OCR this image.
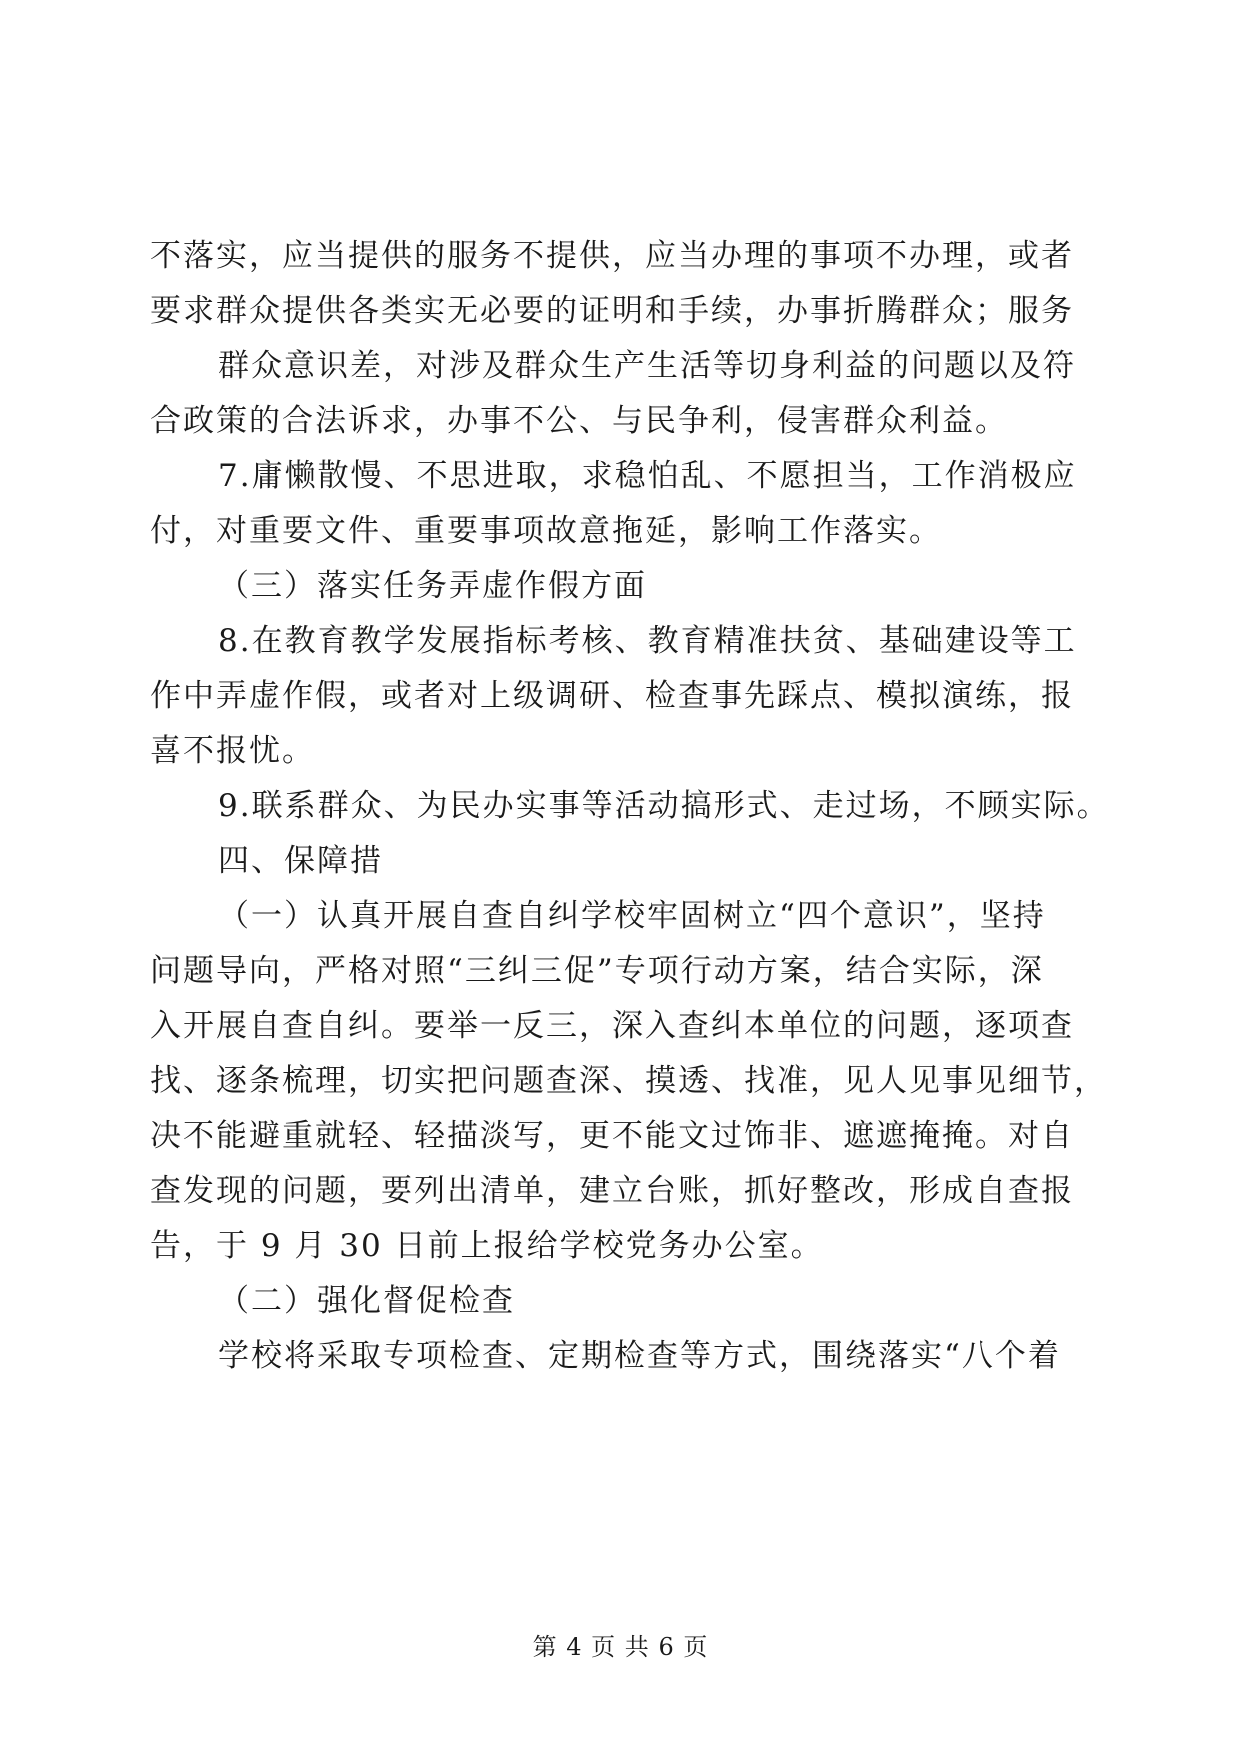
不落实，应当提供的服务不提供，应当办理的事项不办理，或者
要求群众提供各类实无必要的证明和手续，办事折腾群众；服务
群众意识差，对涉及群众生产生活等切身利益的问题以及符
合政策的合法诉求，办事不公、与民争利，侵害群众利益。
7.庸懒散慢、不思进取，求稳怕乱、不愿担当，工作消极应
付，对重要文件、重要事项故意拖延，影响工作落实。
（三）落实任务弄虚作假方面
8.在教育教学发展指标考核、教育精准扶贫、基础建设等工
作中弄虚作假，或者对上级调研、检查事先踩点、模拟演练，报
喜不报忧。
9.联系群众、为民办实事等活动搞形式、走过场，不顾实际。
四、保障措
（一）认真开展自查自纠学校牢固树立“四个意识”，坚持
问题导向，严格对照“三纠三促”专项行动方案，结合实际，深
入开展自查自纠。要举一反三，深入查纠本单位的问题，逐项查
找、逐条梳理，切实把问题查深、摸透、找准，见人见事见细节，
决不能避重就轻、轻描淡写，更不能文过饰非、遮遮掩掩。对自
查发现的问题，要列出清单，建立台账，抓好整改，形成自查报
告，于 9 月 30 日前上报给学校党务办公室。
（二）强化督促检查
学校将采取专项检查、定期检查等方式，围绕落实“八个着
第 4 页 共 6 页
